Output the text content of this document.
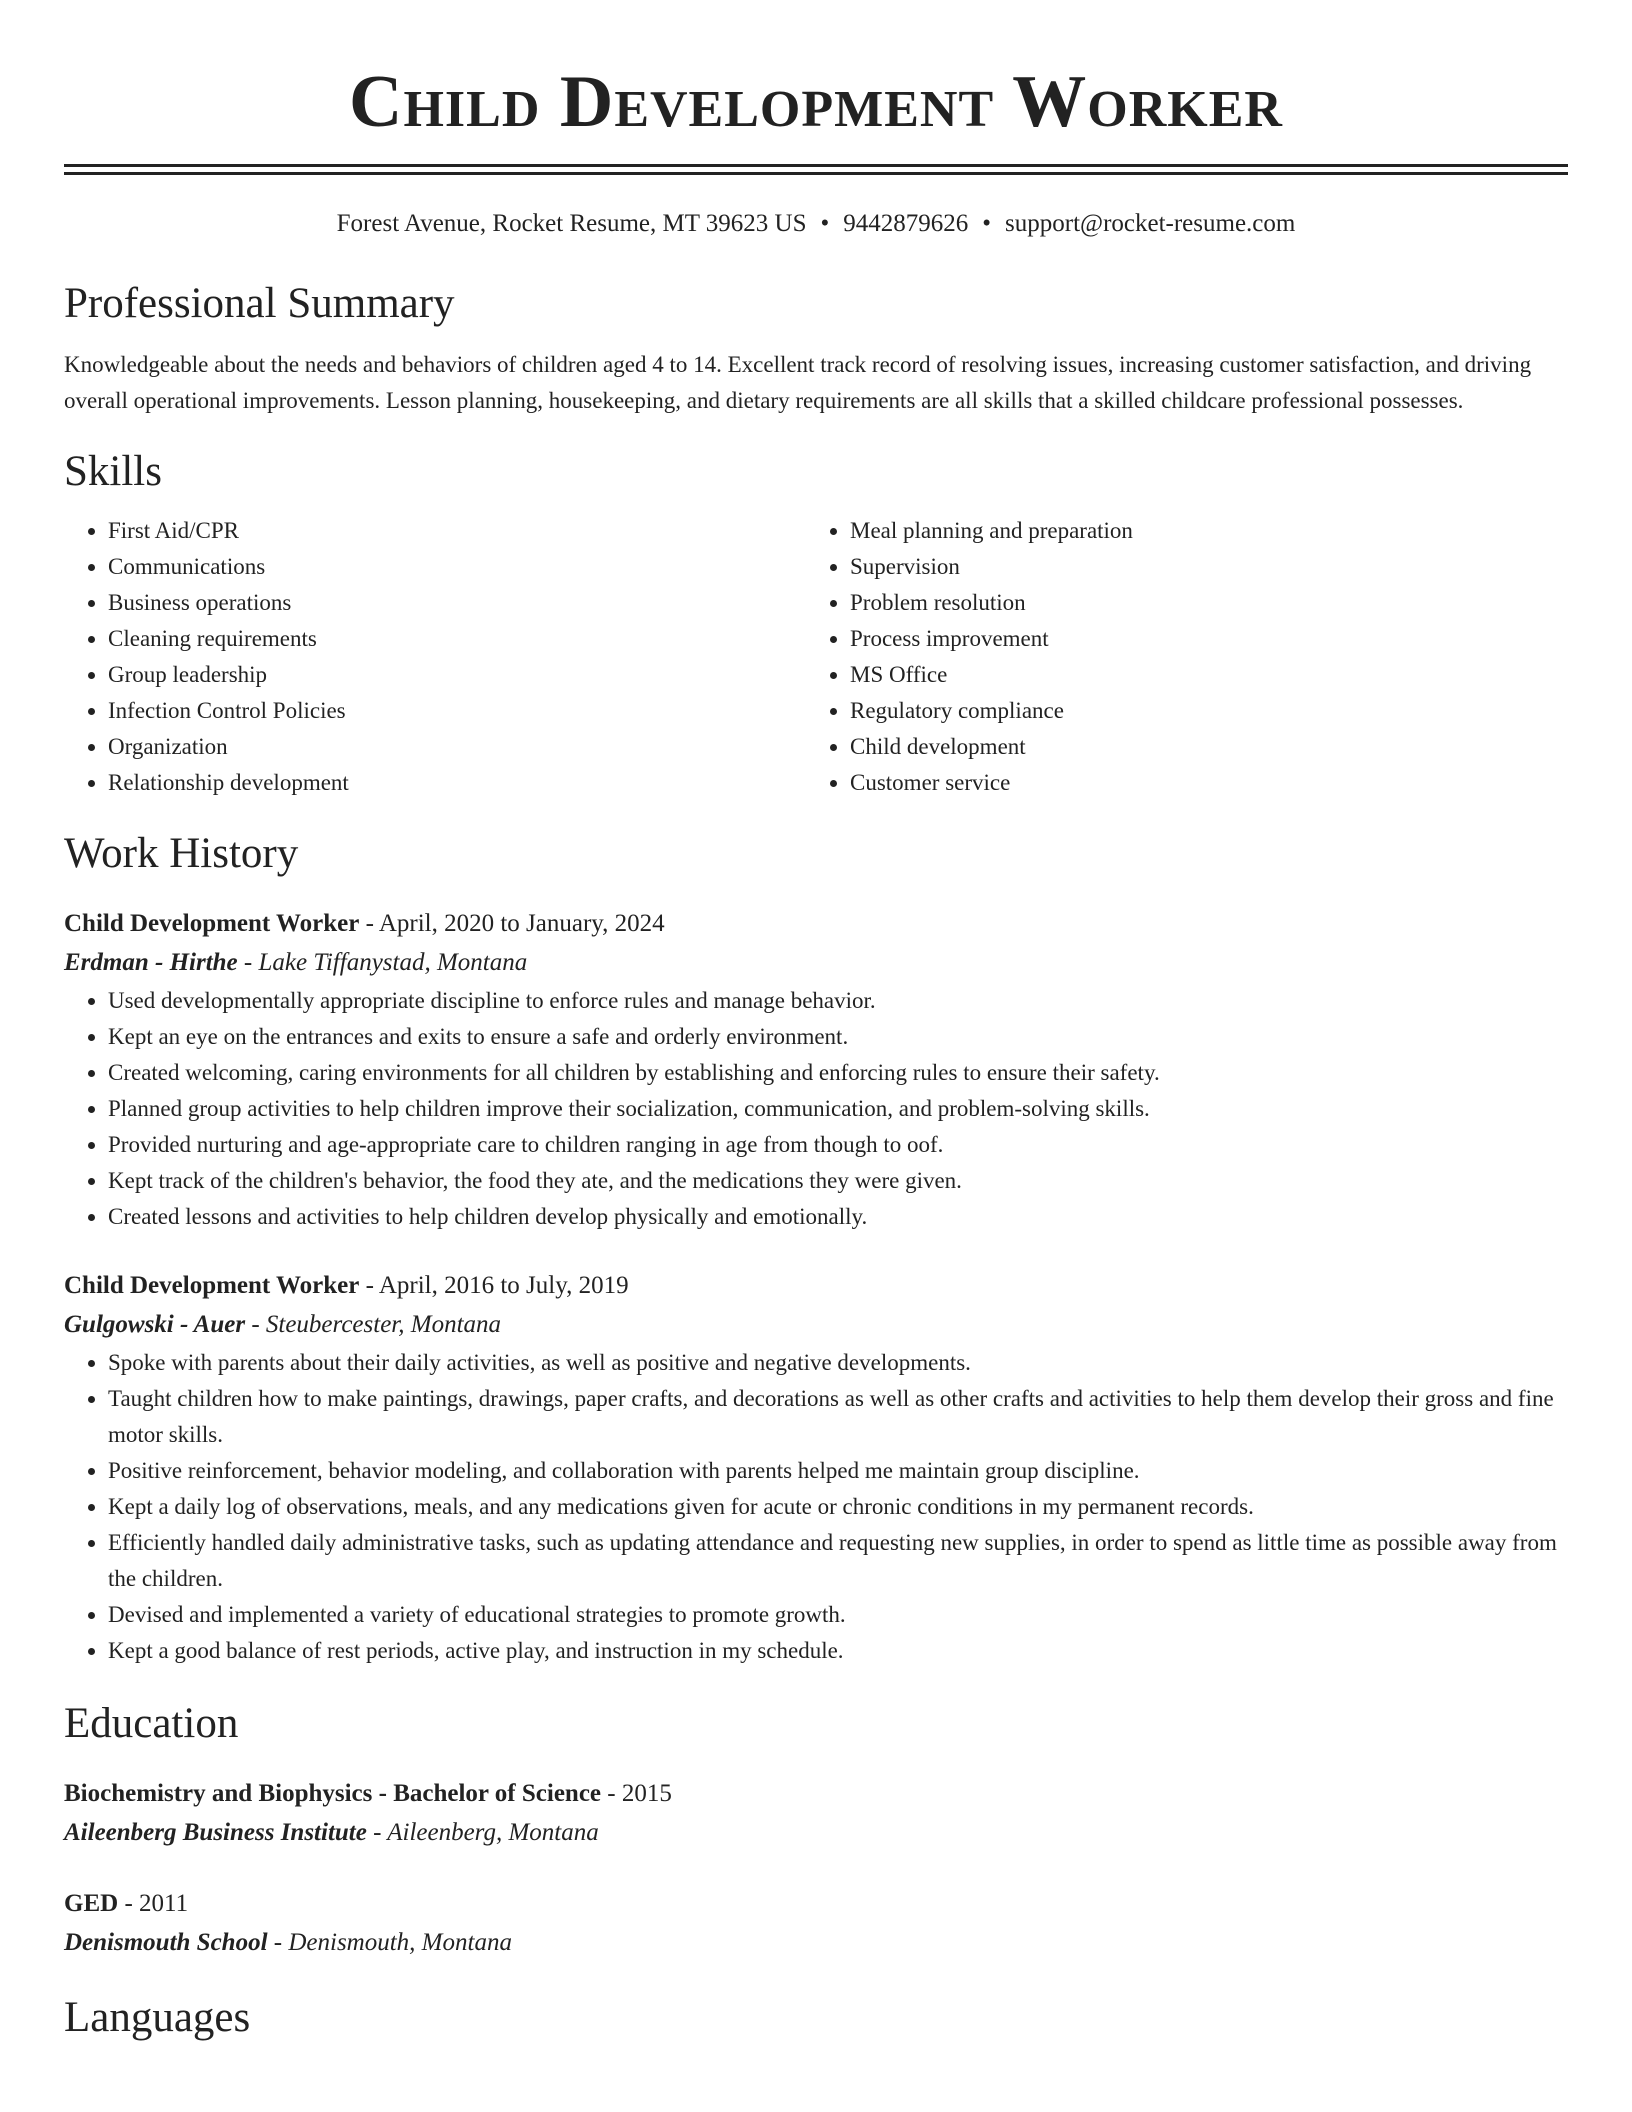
Child Development Worker
Forest Avenue, Rocket Resume, MT 39623 US • 9442879626 • support@rocket-resume.com
Professional Summary
Knowledgeable about the needs and behaviors of children aged 4 to 14. Excellent track record of resolving issues, increasing customer satisfaction, and driving overall operational improvements. Lesson planning, housekeeping, and dietary requirements are all skills that a skilled childcare professional possesses.
Skills
• First Aid/CPR
• Communications
• Business operations
• Cleaning requirements
• Group leadership
• Infection Control Policies
• Organization
• Relationship development
• Meal planning and preparation
• Supervision
• Problem resolution
• Process improvement
• MS Office
• Regulatory compliance
• Child development
• Customer service
Work History
Child Development Worker - April, 2020 to January, 2024
Erdman - Hirthe - Lake Tiffanystad, Montana
• Used developmentally appropriate discipline to enforce rules and manage behavior.
• Kept an eye on the entrances and exits to ensure a safe and orderly environment.
• Created welcoming, caring environments for all children by establishing and enforcing rules to ensure their safety.
• Planned group activities to help children improve their socialization, communication, and problem-solving skills.
• Provided nurturing and age-appropriate care to children ranging in age from though to oof.
• Kept track of the children's behavior, the food they ate, and the medications they were given.
• Created lessons and activities to help children develop physically and emotionally.
Child Development Worker - April, 2016 to July, 2019
Gulgowski - Auer - Steubercester, Montana
• Spoke with parents about their daily activities, as well as positive and negative developments.
• Taught children how to make paintings, drawings, paper crafts, and decorations as well as other crafts and activities to help them develop their gross and fine motor skills.
• Positive reinforcement, behavior modeling, and collaboration with parents helped me maintain group discipline.
• Kept a daily log of observations, meals, and any medications given for acute or chronic conditions in my permanent records.
• Efficiently handled daily administrative tasks, such as updating attendance and requesting new supplies, in order to spend as little time as possible away from the children.
• Devised and implemented a variety of educational strategies to promote growth.
• Kept a good balance of rest periods, active play, and instruction in my schedule.
Education
Biochemistry and Biophysics - Bachelor of Science - 2015
Aileenberg Business Institute - Aileenberg, Montana
GED - 2011
Denismouth School - Denismouth, Montana
Languages
